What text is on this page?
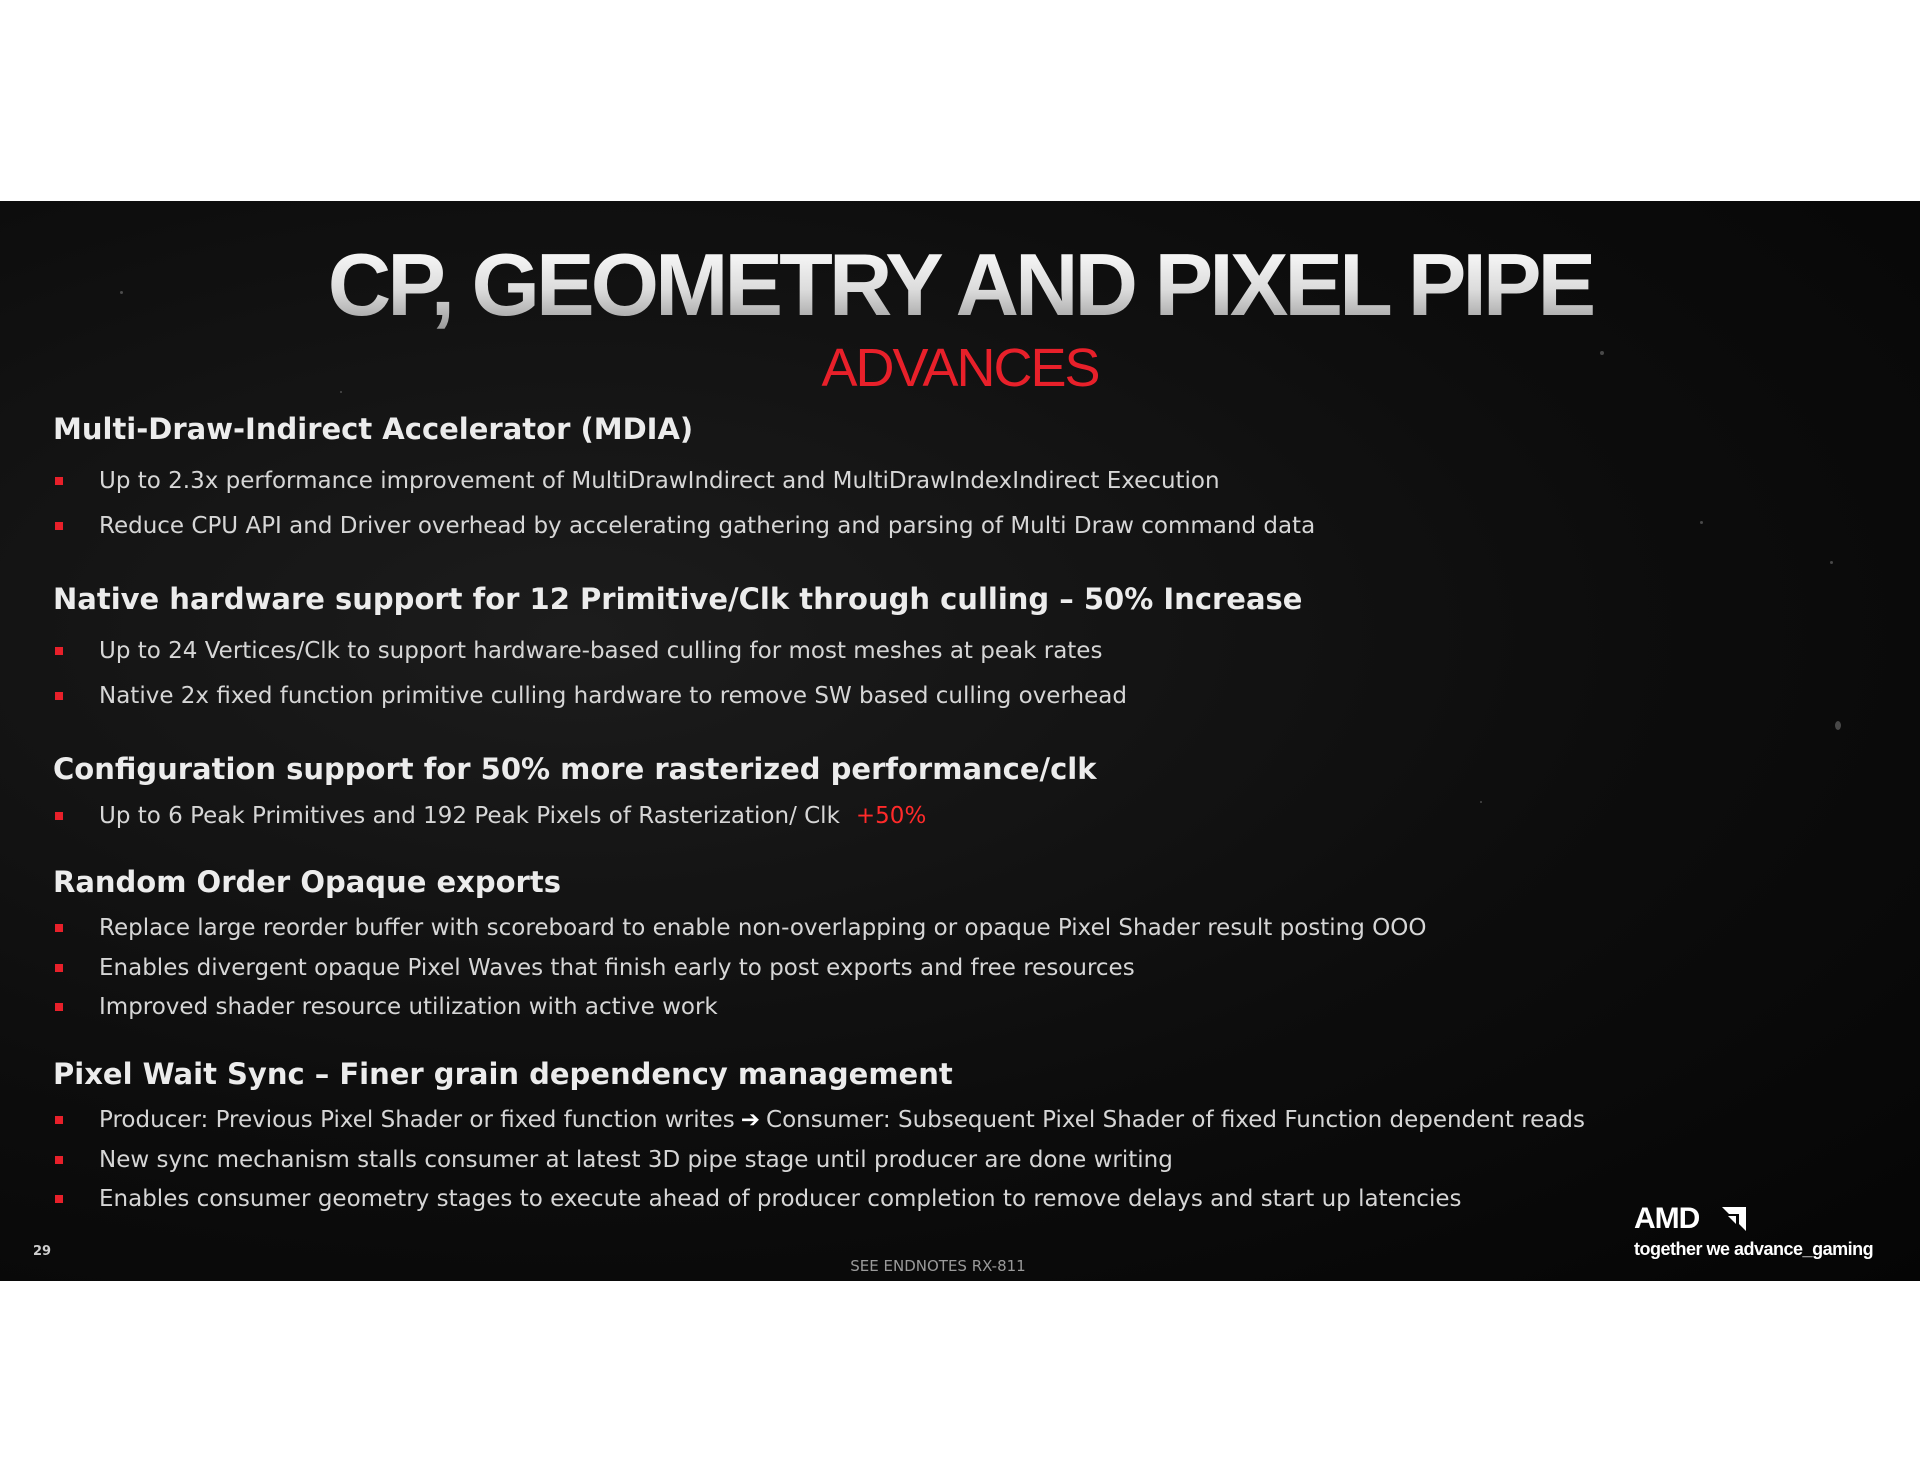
CP, GEOMETRY AND PIXEL PIPE
ADVANCES
Multi-Draw-Indirect Accelerator (MDIA)
Up to 2.3x performance improvement of MultiDrawIndirect and MultiDrawIndexIndirect Execution
Reduce CPU API and Driver overhead by accelerating gathering and parsing of Multi Draw command data
Native hardware support for 12 Primitive/Clk through culling – 50% Increase
Up to 24 Vertices/Clk to support hardware-based culling for most meshes at peak rates
Native 2x fixed function primitive culling hardware to remove SW based culling overhead
Configuration support for 50% more rasterized performance/clk
Up to 6 Peak Primitives and 192 Peak Pixels of Rasterization/ Clk +50%
Random Order Opaque exports
Replace large reorder buffer with scoreboard to enable non-overlapping or opaque Pixel Shader result posting OOO
Enables divergent opaque Pixel Waves that finish early to post exports and free resources
Improved shader resource utilization with active work
Pixel Wait Sync – Finer grain dependency management
Producer: Previous Pixel Shader or fixed function writes ➔ Consumer: Subsequent Pixel Shader of fixed Function dependent reads
New sync mechanism stalls consumer at latest 3D pipe stage until producer are done writing
Enables consumer geometry stages to execute ahead of producer completion to remove delays and start up latencies
29
SEE ENDNOTES RX-811
AMD
together we advance_gaming
